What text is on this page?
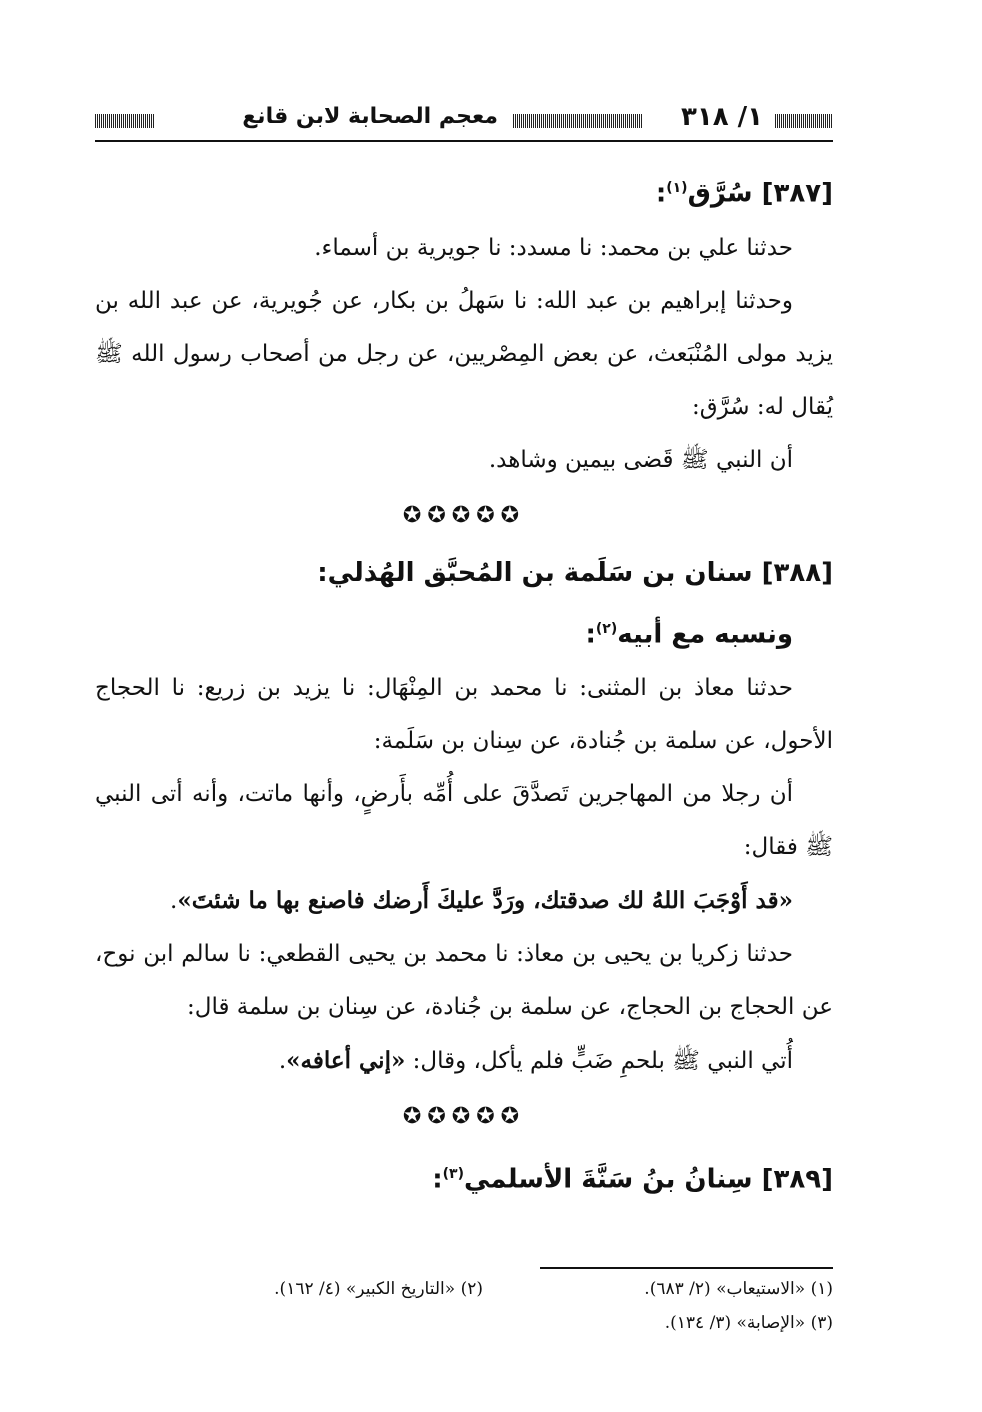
١/ ٣١٨
معجم الصحابة لابن قانع
[٣٨٧] سُرَّق$^{(١)}$:

حدثنا علي بن محمد: نا مسدد: نا جويرية بن أسماء.

وحدثنا إبراهيم بن عبد الله: نا سَهلُ بن بكار، عن جُويرية، عن عبد الله بن يزيد مولى المُنْبَعث، عن بعض المِصْريين، عن رجل من أصحاب رسول الله ﷺ يُقال له: سُرَّق:

أن النبي ﷺ قَضى بيمين وشاهد.

✪✪✪✪✪
[٣٨٨] سنان بن سَلَمة بن المُحبَّق الهُذلي:
ونسبه مع أبيه$^{(٢)}$:

حدثنا معاذ بن المثنى: نا محمد بن المِنْهَال: نا يزيد بن زريع: نا الحجاج الأحول، عن سلمة بن جُنادة، عن سِنان بن سَلَمة:

أن رجلا من المهاجرين تَصدَّقَ على أُمِّه بأَرضٍ، وأنها ماتت، وأنه أتى النبي ﷺ فقال:

«قد أَوْجَبَ اللهُ لك صدقتك، ورَدَّ عليكَ أَرضك فاصنع بها ما شئتَ».

حدثنا زكريا بن يحيى بن معاذ: نا محمد بن يحيى القطعي: نا سالم ابن نوح، عن الحجاج بن الحجاج، عن سلمة بن جُنادة، عن سِنان بن سلمة قال:

أُتي النبي ﷺ بلحمِ ضَبٍّ فلم يأكل، وقال: «إني أعافه».

✪✪✪✪✪
[٣٨٩] سِنانُ بنُ سَنَّةَ الأسلمي$^{(٣)}$:
(١) «الاستيعاب» (٢/ ٦٨٣).
(٢) «التاريخ الكبير» (٤/ ١٦٢).
(٣) «الإصابة» (٣/ ١٣٤).
